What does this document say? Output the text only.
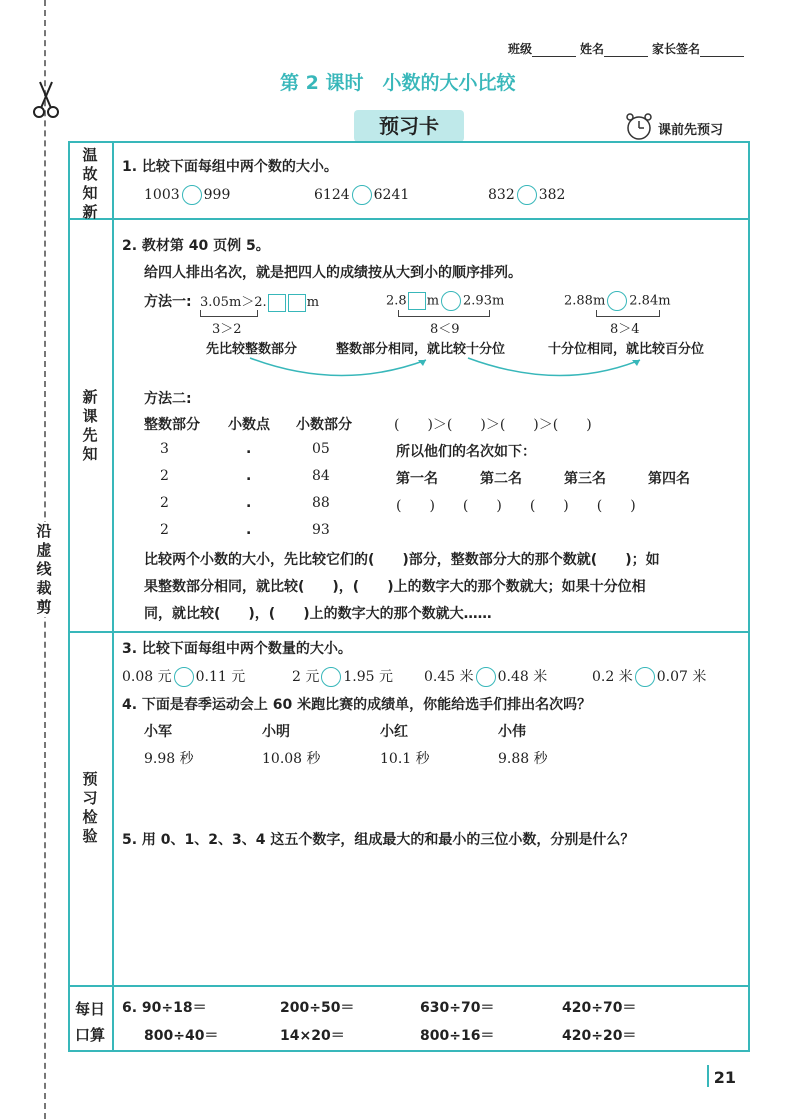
沿
虚
线
裁
剪
班级	姓名	家长签名
第 2 课时　小数的大小比较
预习卡	课前先预习
温
故
知
新
新
课
先
知
预
习
检
验
每日
口算
1. 比较下面每组中两个数的大小。
1003 999	6124 6241	832 382
2. 教材第 40 页例 5。
给四人排出名次，就是把四人的成绩按从大到小的顺序排列。
方法一: 3.05m＞2.	m	2.8 m 2.93m	2.88m 2.84m
3＞2	8＜9	8＞4
先比较整数部分	整数部分相同，就比较十分位	十分位相同，就比较百分位
方法二:
整数部分 小数点 小数部分	(　　)＞(　　)＞(　　)＞(　　)
3	.	05	所以他们的名次如下：
2	.	84	第一名	第二名	第三名	第四名
2	.	88	(　　)　　(　　)　　(　　)　　(　　)
2	.	93
比较两个小数的大小，先比较它们的(　　)部分，整数部分大的那个数就(　　)；如
果整数部分相同，就比较(　　)，(　　)上的数字大的那个数就大；如果十分位相
同，就比较(　　)，(　　)上的数字大的那个数就大……
3. 比较下面每组中两个数量的大小。
0.08 元 0.11 元	2 元 1.95 元 0.45 米 0.48 米	0.2 米 0.07 米
4. 下面是春季运动会上 60 米跑比赛的成绩单，你能给选手们排出名次吗？
小军	小明	小红	小伟
9.98 秒	10.08 秒	10.1 秒	9.88 秒
5. 用 0、1、2、3、4 这五个数字，组成最大的和最小的三位小数，分别是什么？
6. 90÷18＝	200÷50＝	630÷70＝	420÷70＝
800÷40＝	14×20＝	800÷16＝	420÷20＝
21
